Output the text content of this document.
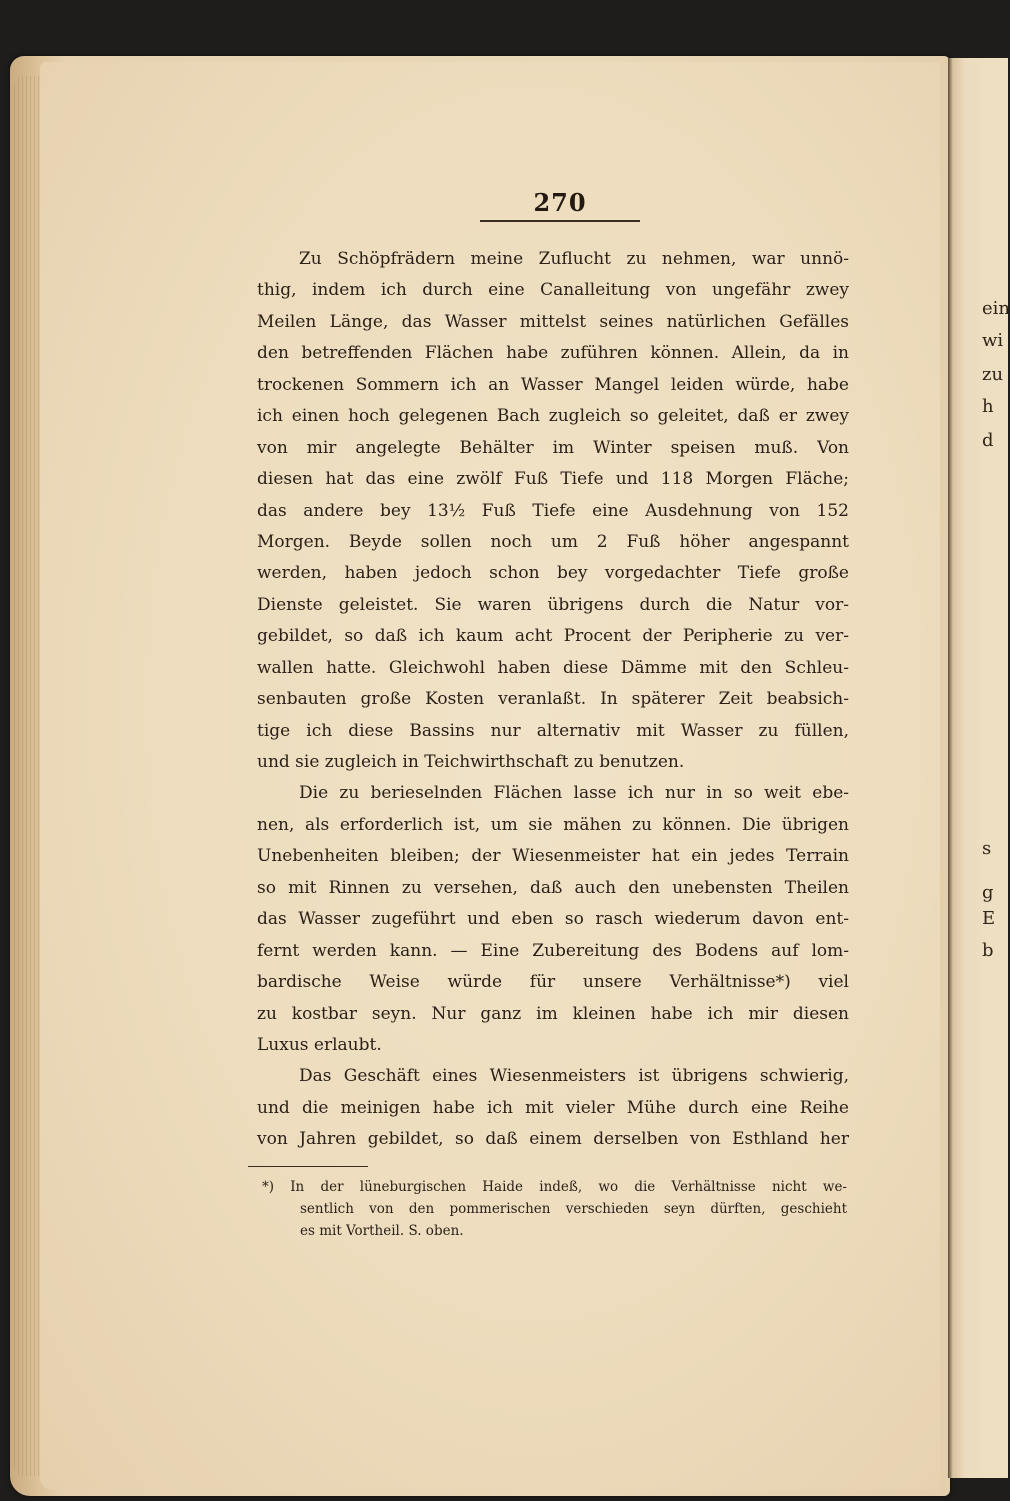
ein
wi
zu
h
d
s
g
E
b
270
Zu Schöpfrädern meine Zuflucht zu nehmen, war unnö-
thig, indem ich durch eine Canalleitung von ungefähr zwey
Meilen Länge, das Wasser mittelst seines natürlichen Gefälles
den betreffenden Flächen habe zuführen können. Allein, da in
trockenen Sommern ich an Wasser Mangel leiden würde, habe
ich einen hoch gelegenen Bach zugleich so geleitet, daß er zwey
von mir angelegte Behälter im Winter speisen muß. Von
diesen hat das eine zwölf Fuß Tiefe und 118 Morgen Fläche;
das andere bey 13½ Fuß Tiefe eine Ausdehnung von 152
Morgen. Beyde sollen noch um 2 Fuß höher angespannt
werden, haben jedoch schon bey vorgedachter Tiefe große
Dienste geleistet. Sie waren übrigens durch die Natur vor-
gebildet, so daß ich kaum acht Procent der Peripherie zu ver-
wallen hatte. Gleichwohl haben diese Dämme mit den Schleu-
senbauten große Kosten veranlaßt. In späterer Zeit beabsich-
tige ich diese Bassins nur alternativ mit Wasser zu füllen,
und sie zugleich in Teichwirthschaft zu benutzen.
Die zu berieselnden Flächen lasse ich nur in so weit ebe-
nen, als erforderlich ist, um sie mähen zu können. Die übrigen
Unebenheiten bleiben; der Wiesenmeister hat ein jedes Terrain
so mit Rinnen zu versehen, daß auch den unebensten Theilen
das Wasser zugeführt und eben so rasch wiederum davon ent-
fernt werden kann. — Eine Zubereitung des Bodens auf lom-
bardische Weise würde für unsere Verhältnisse*) viel
zu kostbar seyn. Nur ganz im kleinen habe ich mir diesen
Luxus erlaubt.
Das Geschäft eines Wiesenmeisters ist übrigens schwierig,
und die meinigen habe ich mit vieler Mühe durch eine Reihe
von Jahren gebildet, so daß einem derselben von Esthland her
*) In der lüneburgischen Haide indeß, wo die Verhältnisse nicht we-
sentlich von den pommerischen verschieden seyn dürften, geschieht
es mit Vortheil. S. oben.
